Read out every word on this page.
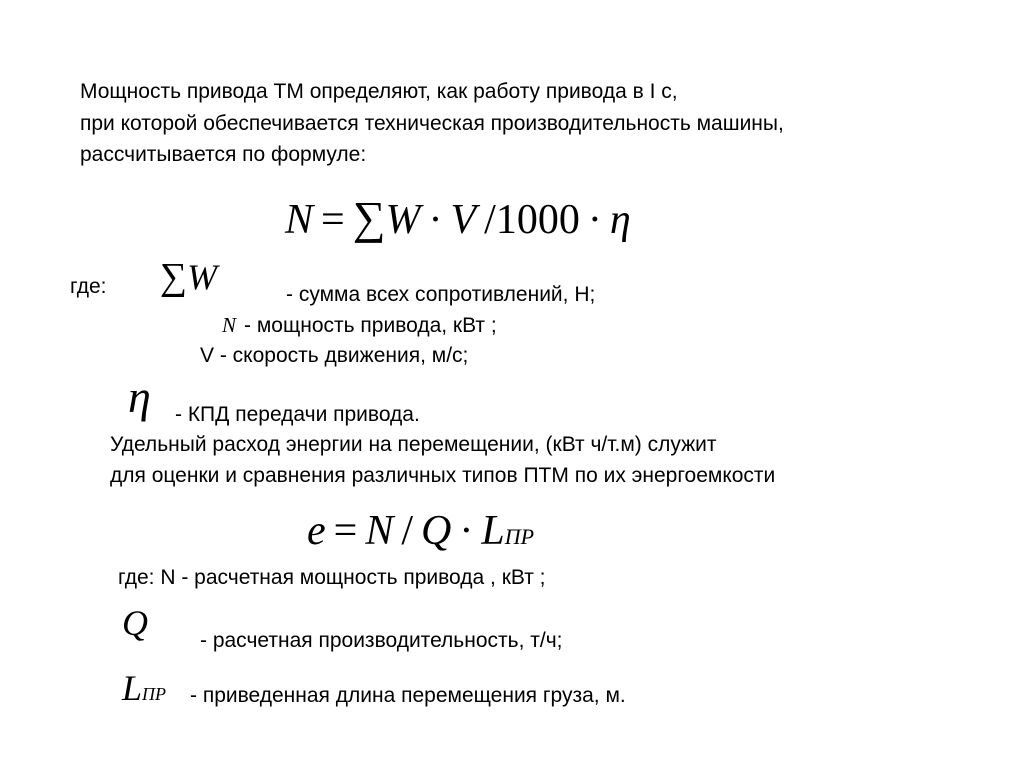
Мощность привода ТМ определяют, как работу привода в I с,
при которой обеспечивается техническая производительность машины,
рассчитывается по формуле:
N = ∑ W · V / 1000 · η
где: ∑ W	- сумма всех сопротивлений, Н;
N - мощность привода, кВт ;
V - скорость движения, м/с;
η - КПД передачи привода.
Удельный расход энергии на перемещении, (кВт ч/т.м) служит
для оценки и сравнения различных типов ПТМ по их энергоемкости
e = N / Q · L ПР
где: N - расчетная мощность привода , кВт ;
Q - расчетная производительность, т/ч;
L ПР - приведенная длина перемещения груза, м.
